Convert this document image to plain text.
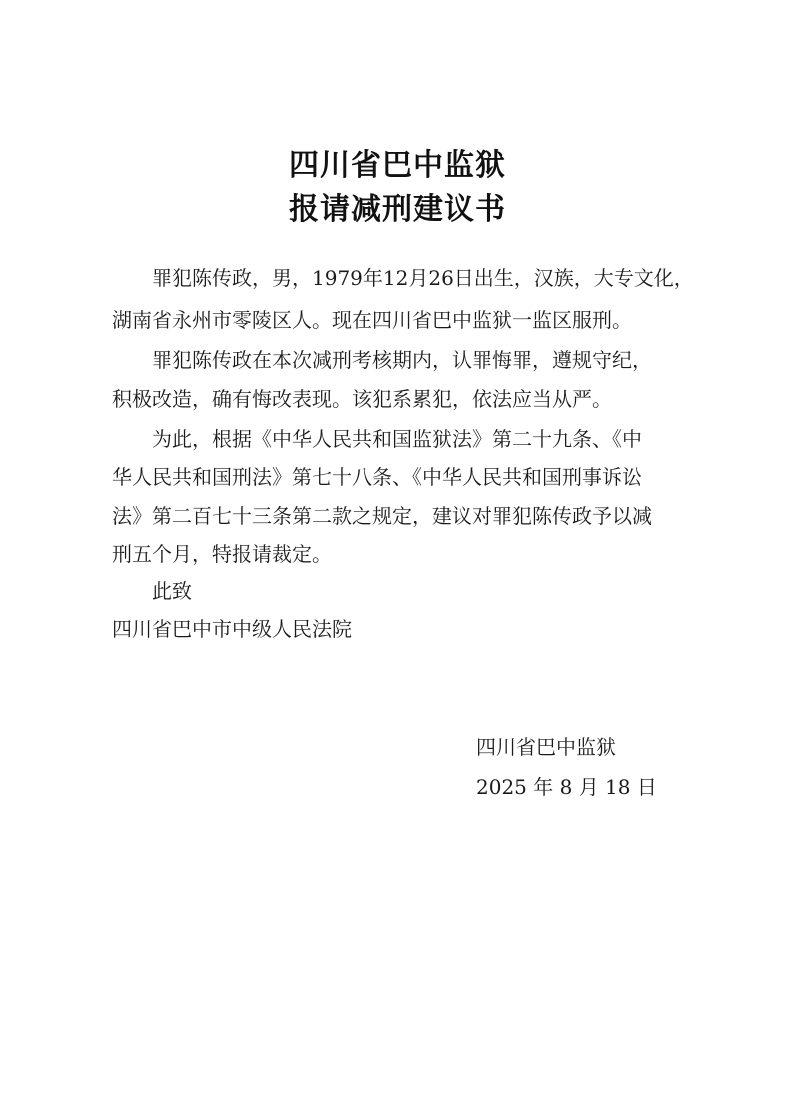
四川省巴中监狱
报请减刑建议书
罪犯陈传政，男，1979年12月26日出生，汉族，大专文化，
湖南省永州市零陵区人。现在四川省巴中监狱一监区服刑。
罪犯陈传政在本次减刑考核期内，认罪悔罪，遵规守纪，
积极改造，确有悔改表现。该犯系累犯，依法应当从严。
为此，根据《中华人民共和国监狱法》第二十九条、《中
华人民共和国刑法》第七十八条、《中华人民共和国刑事诉讼
法》第二百七十三条第二款之规定，建议对罪犯陈传政予以减
刑五个月，特报请裁定。
此致
四川省巴中市中级人民法院
四川省巴中监狱
2025 年 8 月 18 日
